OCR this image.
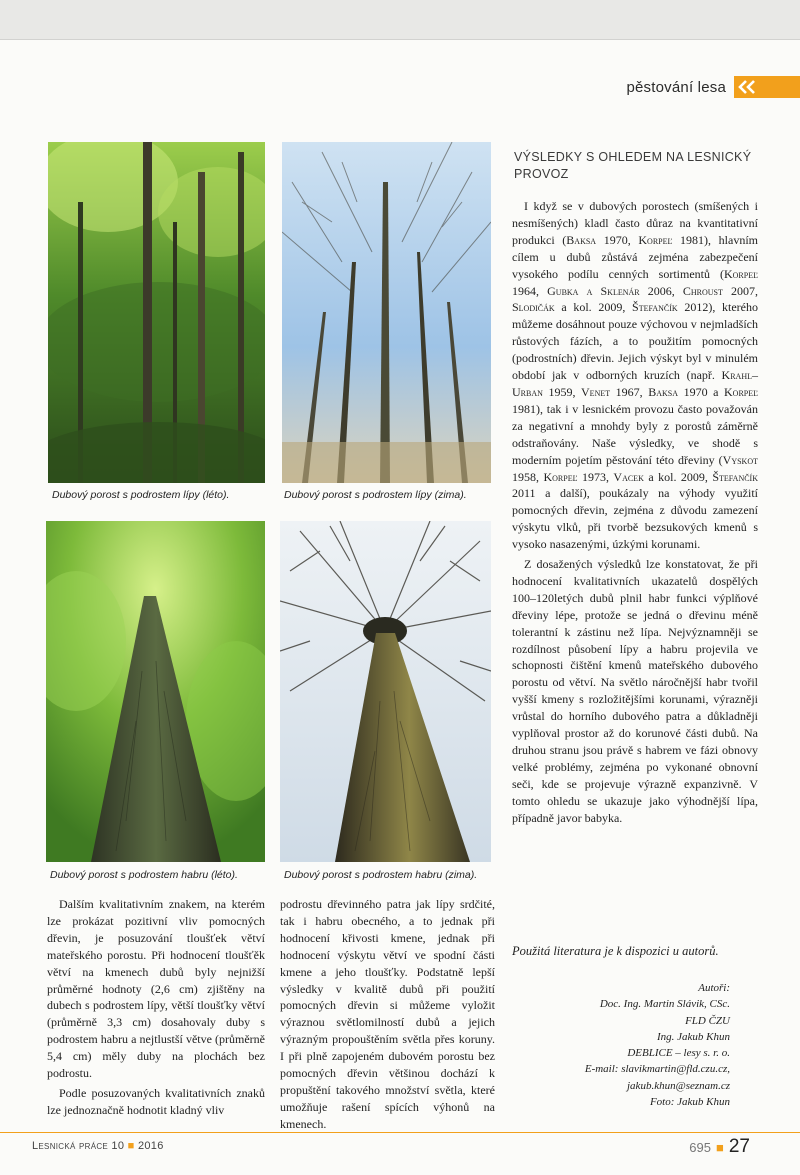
pěstování lesa
Dubový porost s podrostem lípy (léto).	Dubový porost s podrostem lípy (zima).
Dubový porost s podrostem habru (léto).	Dubový porost s podrostem habru (zima).

Dalším kvalitativním znakem, na kterém lze prokázat pozitivní vliv pomocných dřevin, je posuzování tloušťek větví mateřského porostu. Při hodnocení tloušťěk větví na kmenech dubů byly nejnižší průměrné hodnoty (2,6 cm) zjištěny na dubech s podrostem lípy, větší tloušťky větví (průměrně 3,3 cm) dosahovaly duby s podrostem habru a nejtlustší větve (průměrně 5,4 cm) měly duby na plochách bez podrostu.

Podle posuzovaných kvalitativních znaků lze jednoznačně hodnotit kladný vliv

podrostu dřevinného patra jak lípy srdčité, tak i habru obecného, a to jednak při hodnocení křivosti kmene, jednak při hodnocení výskytu větví ve spodní části kmene a jeho tloušťky. Podstatně lepší výsledky v kvalitě dubů při použití pomocných dřevin si můžeme vyložit výraznou světlomilností dubů a jejich výrazným propouštěním světla přes koruny. I při plně zapojeném dubovém porostu bez pomocných dřevin většinou dochází k propuštění takového množství světla, které umožňuje rašení spících výhonů na kmenech.

VÝSLEDKY S OHLEDEM NA LESNICKÝ PROVOZ

I když se v dubových porostech (smíšených i nesmíšených) kladl často důraz na kvantitativní produkci (Baksa 1970, Korpeľ 1981), hlavním cílem u dubů zůstává zejména zabezpečení vysokého podílu cenných sortimentů (Korpeľ 1964, Gubka a Sklenár 2006, Chroust 2007, Slodičák a kol. 2009, Štefančík 2012), kterého můžeme dosáhnout pouze výchovou v nejmladších růstových fázích, a to použitím pomocných (podrostních) dřevin. Jejich výskyt byl v minulém období jak v odborných kruzích (např. Krahl–Urban 1959, Venet 1967, Baksa 1970 a Korpeľ 1981), tak i v lesnickém provozu často považován za negativní a mnohdy byly z porostů záměrně odstraňovány. Naše výsledky, ve shodě s moderním pojetím pěstování této dřeviny (Vyskot 1958, Korpeľ 1973, Vacek a kol. 2009, Štefančík 2011 a další), poukázaly na výhody využití pomocných dřevin, zejména z důvodu zamezení výskytu vlků, při tvorbě bezsukových kmenů s vysoko nasazenými, úzkými korunami.

Z dosažených výsledků lze konstatovat, že při hodnocení kvalitativních ukazatelů dospělých 100–120letých dubů plnil habr funkci výplňové dřeviny lépe, protože se jedná o dřevinu méně tolerantní k zástinu než lípa. Nejvýznamněji se rozdílnost působení lípy a habru projevila ve schopnosti čištění kmenů mateřského dubového porostu od větví. Na světlo náročnější habr tvořil vyšší kmeny s rozložitějšími korunami, výrazněji vrůstal do horního dubového patra a důkladněji vyplňoval prostor až do korunové části dubů. Na druhou stranu jsou právě s habrem ve fázi obnovy velké problémy, zejména po vykonané obnovní seči, kde se projevuje výrazně expanzivně. V tomto ohledu se ukazuje jako výhodnější lípa, případně javor babyka.

Použitá literatura je k dispozici u autorů.
Autoři:
Doc. Ing. Martin Slávik, CSc.
FLD ČZU
Ing. Jakub Khun
DEBLICE – lesy s. r. o.
E-mail: slavikmartin@fld.czu.cz,
jakub.khun@seznam.cz
Foto: Jakub Khun
Lesnická práce 10 ■ 2016	695 ■ 27
